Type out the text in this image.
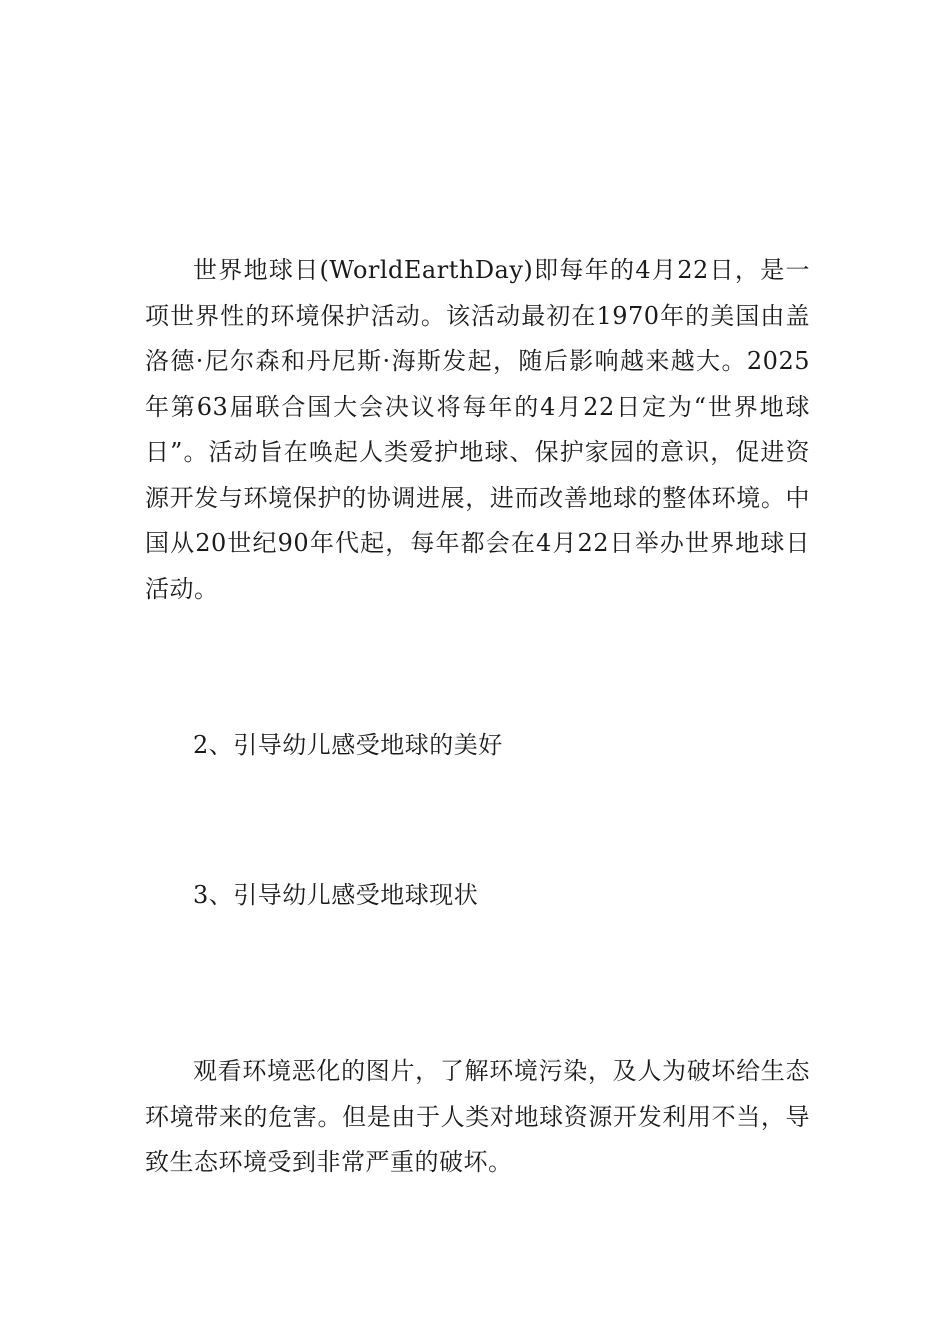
世界地球日(WorldEarthDay)即每年的4月22日，是一项世界性的环境保护活动。该活动最初在1970年的美国由盖洛德·尼尔森和丹尼斯·海斯发起，随后影响越来越大。2025年第63届联合国大会决议将每年的4月22日定为“世界地球日”。活动旨在唤起人类爱护地球、保护家园的意识，促进资源开发与环境保护的协调进展，进而改善地球的整体环境。中国从20世纪90年代起，每年都会在4月22日举办世界地球日活动。

2、引导幼儿感受地球的美好
3、引导幼儿感受地球现状

观看环境恶化的图片，了解环境污染，及人为破坏给生态环境带来的危害。但是由于人类对地球资源开发利用不当，导致生态环境受到非常严重的破坏。
